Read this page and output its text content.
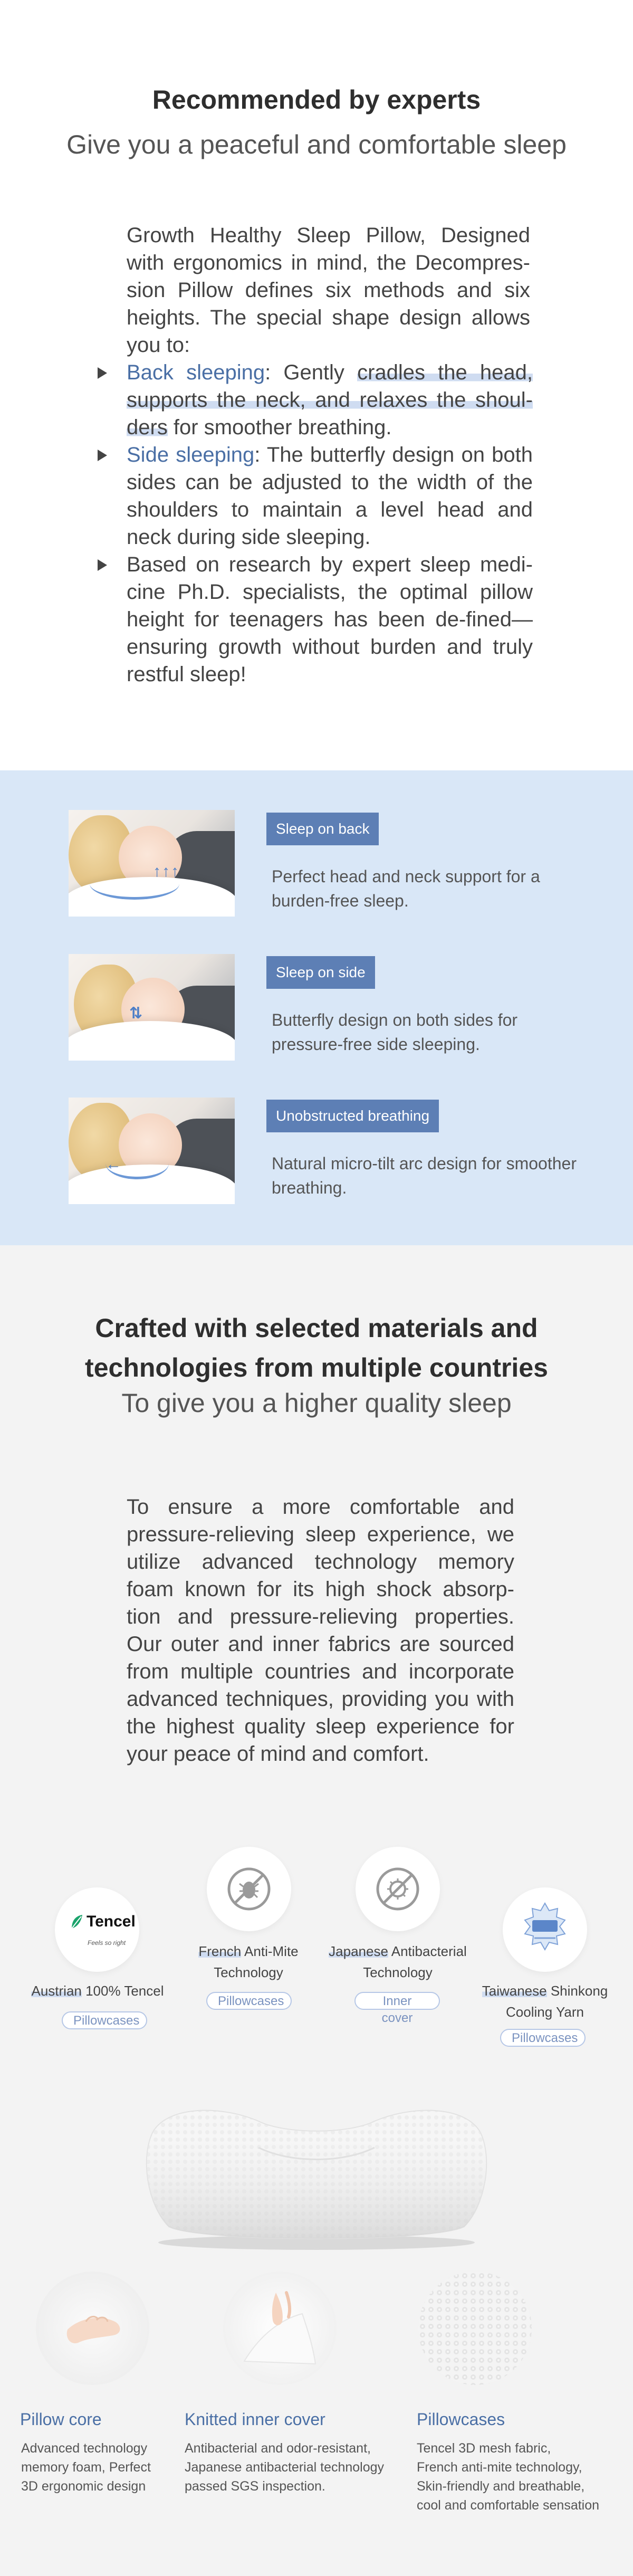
Recommended by experts
Give you a peaceful and comfortable sleep

Growth Healthy Sleep Pillow, Designed with ergonomics in mind, the Decompres-sion Pillow defines six methods and six heights. The special shape design allows you to:

Back sleeping: Gently cradles the head, supports the neck, and relaxes the shoul-ders for smoother breathing.
Side sleeping: The butterfly design on both sides can be adjusted to the width of the shoulders to maintain a level head and neck during side sleeping.
Based on research by expert sleep medi-cine Ph.D. specialists, the optimal pillow height for teenagers has been de-fined—ensuring growth without burden and truly restful sleep!
↑↑↑
Sleep on back
Perfect head and neck support for a burden-free sleep.
⇅
Sleep on side
Butterfly design on both sides for pressure-free side sleeping.
←
Unobstructed breathing
Natural micro-tilt arc design for smoother breathing.
Crafted with selected materials and
technologies from multiple countries
To give you a higher quality sleep

To ensure a more comfortable and pressure-relieving sleep experience, we utilize advanced technology memory foam known for its high shock absorp-tion and pressure-relieving properties. Our outer and inner fabrics are sourced from multiple countries and incorporate advanced techniques, providing you with the highest quality sleep experience for your peace of mind and comfort.

Tencel
Feels so right
Austrian 100% Tencel
Pillowcases
French Anti-Mite
Technology
Pillowcases
Japanese Antibacterial
Technology
Inner cover
Taiwanese Shinkong
Cooling Yarn
Pillowcases
Pillow core
Advanced technology
memory foam, Perfect
3D ergonomic design
Knitted inner cover
Antibacterial and odor-resistant,
Japanese antibacterial technology
passed SGS inspection.
Pillowcases
Tencel 3D mesh fabric,
French anti-mite technology,
Skin-friendly and breathable,
cool and comfortable sensation
